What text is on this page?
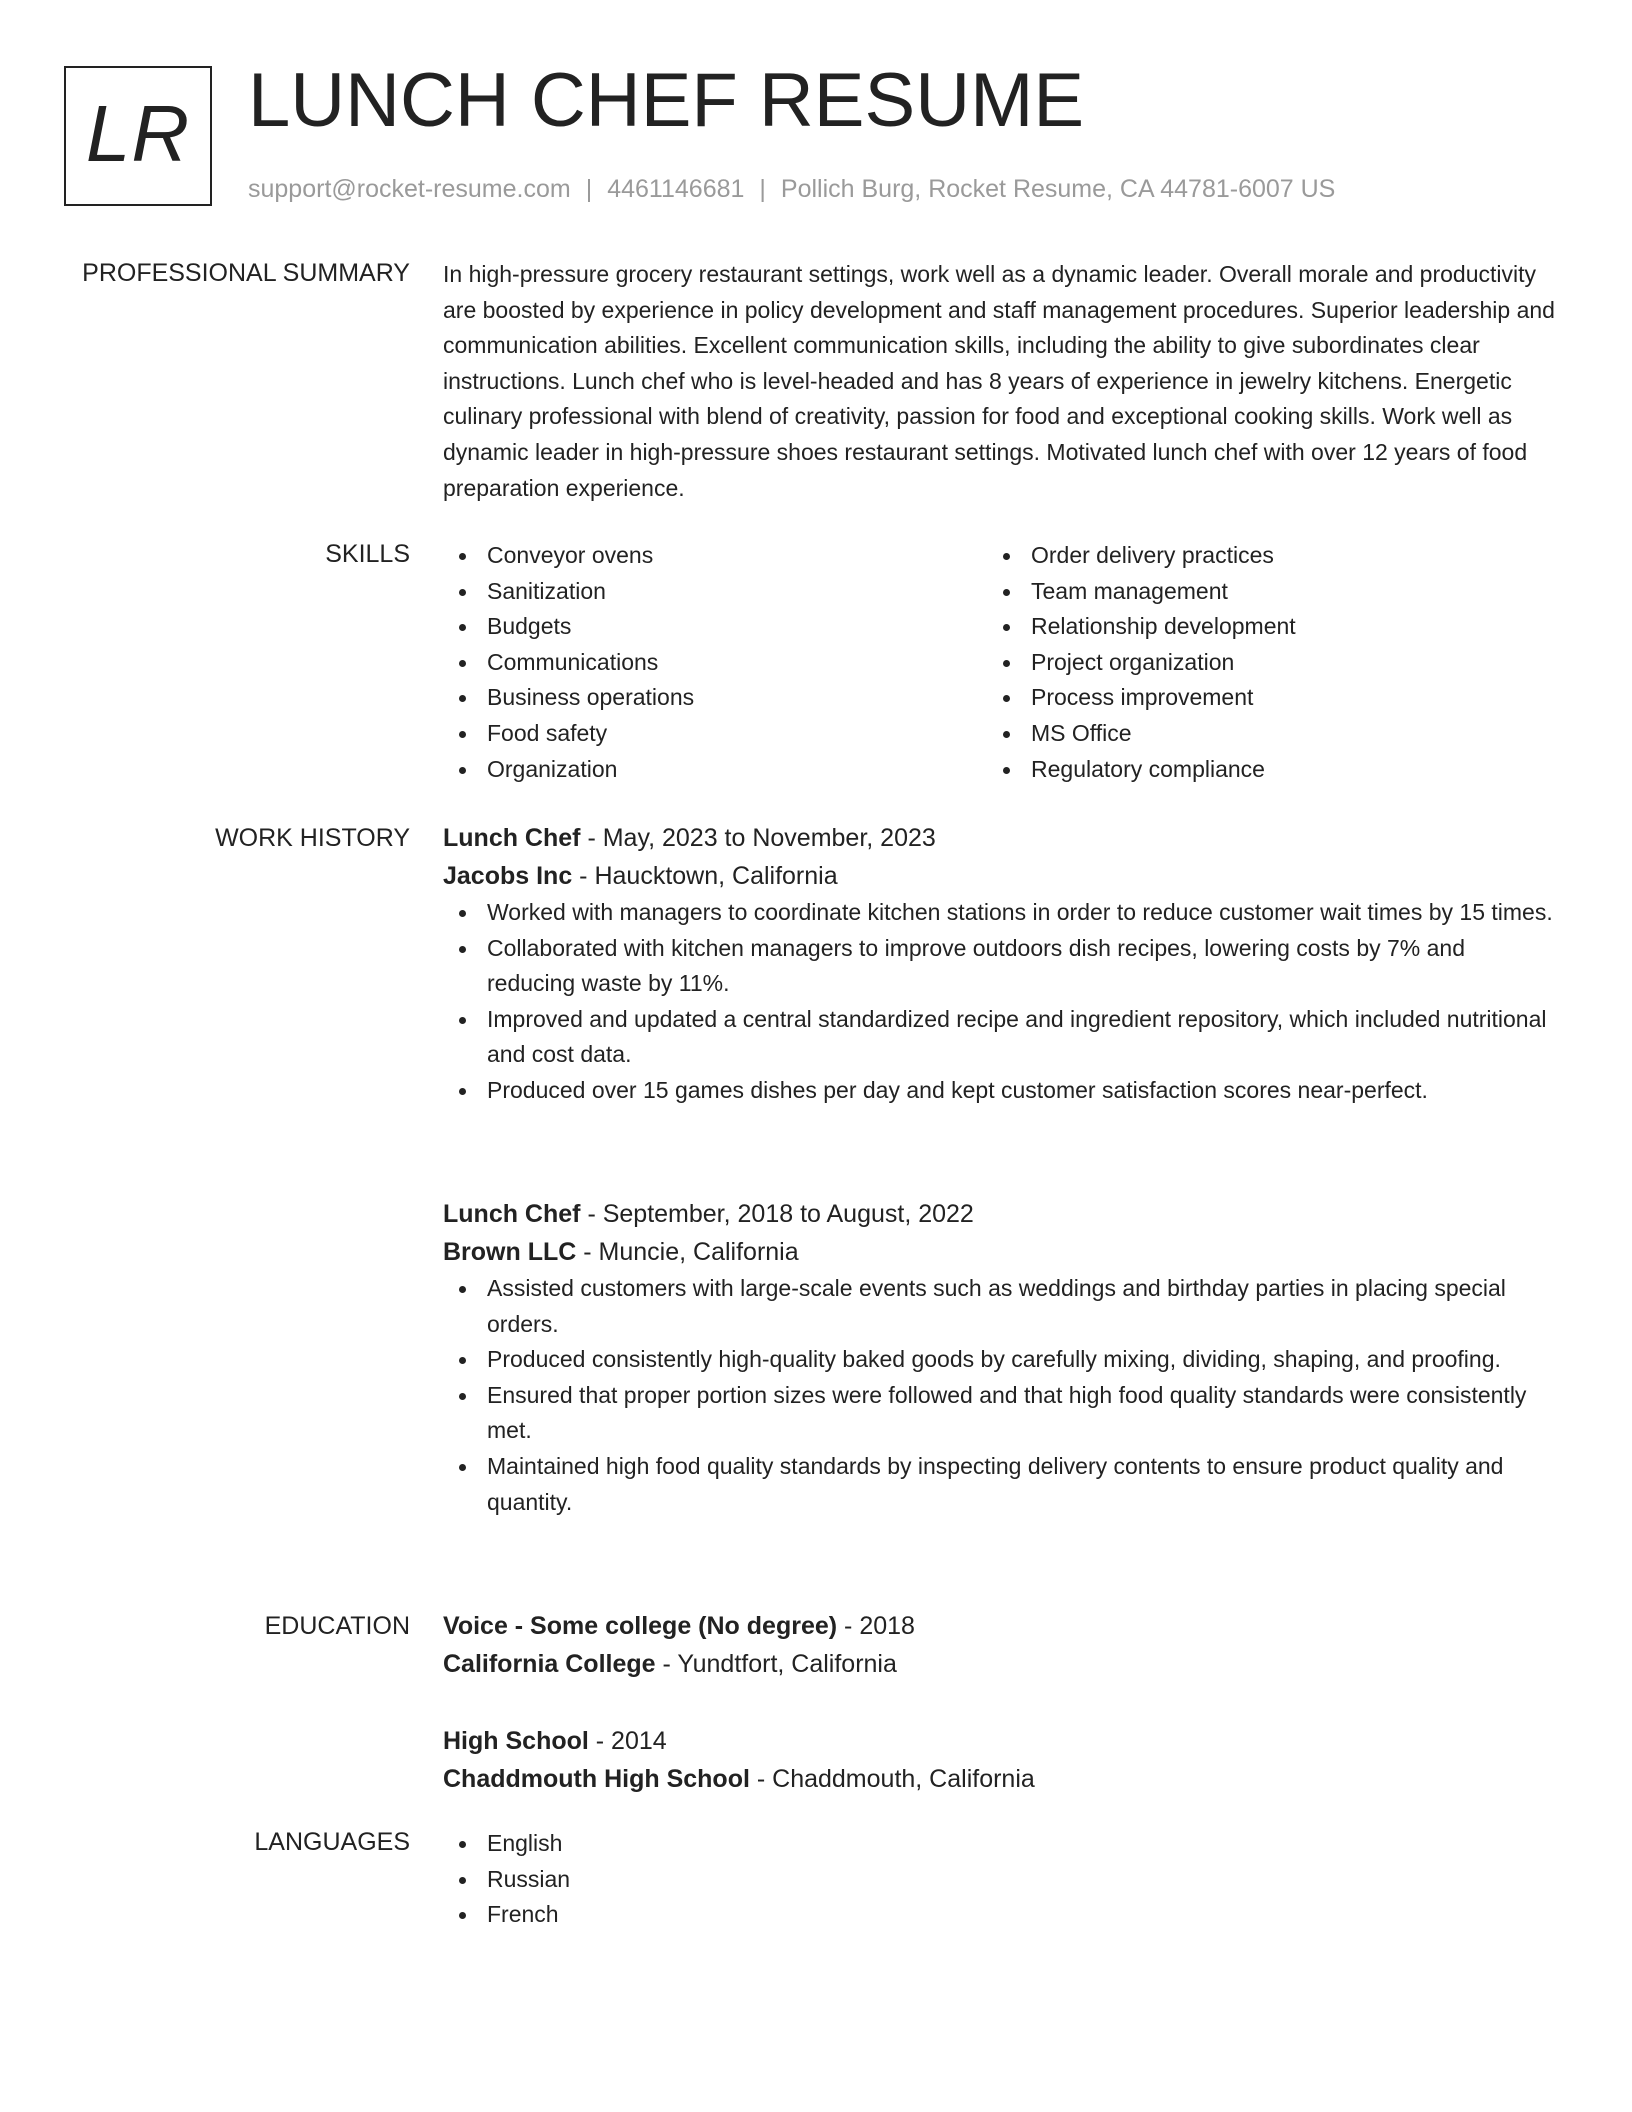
LR LUNCH CHEF RESUME
support@rocket-resume.com | 4461146681 | Pollich Burg, Rocket Resume, CA 44781-6007 US
PROFESSIONAL SUMMARY In high-pressure grocery restaurant settings, work well as a dynamic leader. Overall morale and productivity are boosted by experience in policy development and staff management procedures. Superior leadership and communication abilities. Excellent communication skills, including the ability to give subordinates clear instructions. Lunch chef who is level-headed and has 8 years of experience in jewelry kitchens. Energetic culinary professional with blend of creativity, passion for food and exceptional cooking skills. Work well as dynamic leader in high-pressure shoes restaurant settings. Motivated lunch chef with over 12 years of food preparation experience.

SKILLS	Conveyor ovens
Sanitization
Budgets
Communications
Business operations
Food safety
Organization
Order delivery practices
Team management
Relationship development
Project organization
Process improvement
MS Office
Regulatory compliance
WORK HISTORY Lunch Chef - May, 2023 to November, 2023
Jacobs Inc - Haucktown, California
Worked with managers to coordinate kitchen stations in order to reduce customer wait times by 15 times.
Collaborated with kitchen managers to improve outdoors dish recipes, lowering costs by 7% and reducing waste by 11%.
Improved and updated a central standardized recipe and ingredient repository, which included nutritional and cost data.
Produced over 15 games dishes per day and kept customer satisfaction scores near-perfect.
Lunch Chef - September, 2018 to August, 2022
Brown LLC - Muncie, California
Assisted customers with large-scale events such as weddings and birthday parties in placing special orders.
Produced consistently high-quality baked goods by carefully mixing, dividing, shaping, and proofing.
Ensured that proper portion sizes were followed and that high food quality standards were consistently met.
Maintained high food quality standards by inspecting delivery contents to ensure product quality and quantity.
EDUCATION Voice - Some college (No degree) - 2018
California College - Yundtfort, California
High School - 2014
Chaddmouth High School - Chaddmouth, California
LANGUAGES	English
Russian
French
